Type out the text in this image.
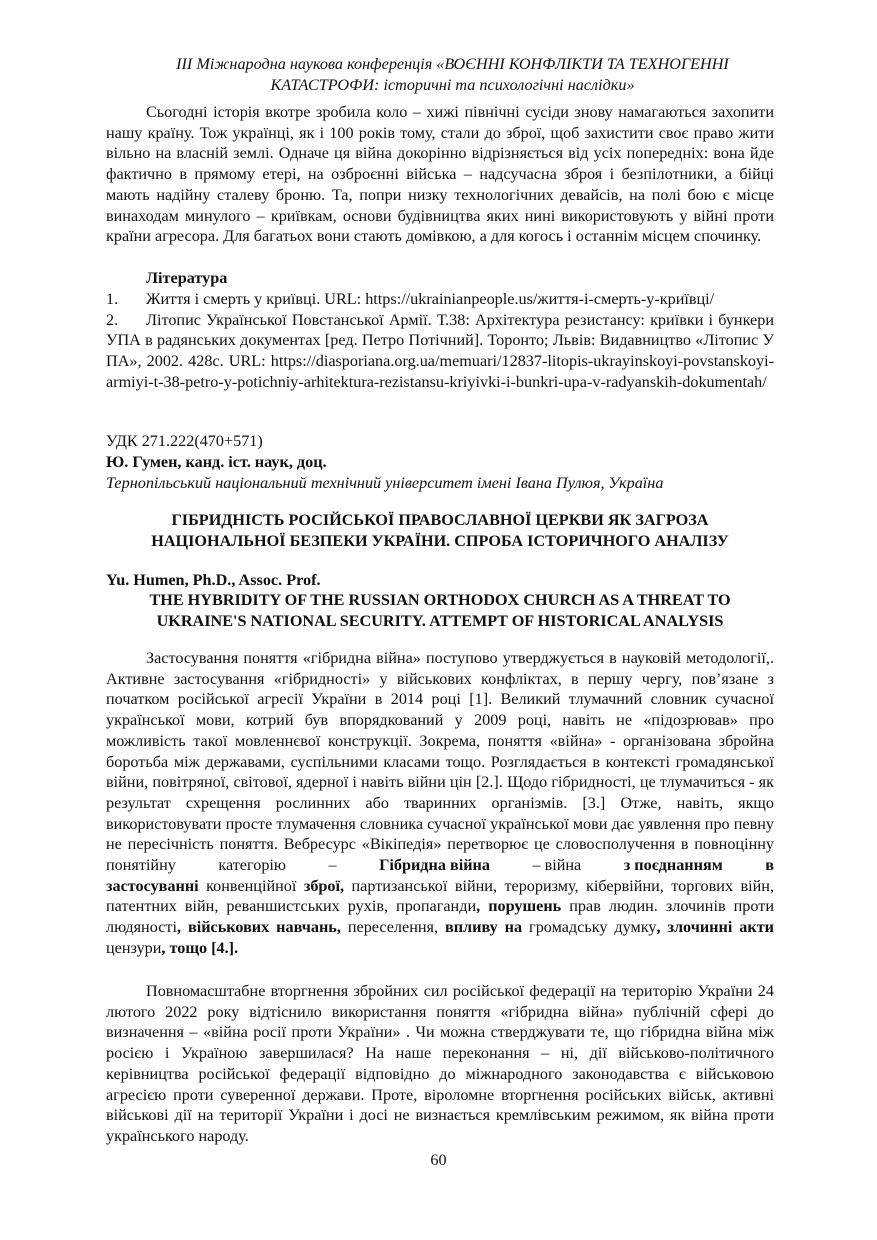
ІІІ Міжнародна наукова конференція «ВОЄННІ КОНФЛІКТИ ТА ТЕХНОГЕННІ
КАТАСТРОФИ: історичні та психологічні наслідки»
Сьогодні історія вкотре зробила коло – хижі північні сусіди знову намагаються захопити нашу країну. Тож українці, як і 100 років тому, стали до зброї, щоб захистити своє право жити вільно на власній землі. Одначе ця війна докорінно відрізняється від усіх попередніх: вона йде фактично в прямому етері, на озброєнні війська – надсучасна зброя і безпілотники, а бійці мають надійну сталеву броню. Та, попри низку технологічних девайсів, на полі бою є місце винаходам минулого – криївкам, основи будівництва яких нині використовують у війні проти країни агресора. Для багатьох вони стають домівкою, а для когось і останнім місцем спочинку.
Література
1. Життя і смерть у криївці. URL: https://ukrainianpeople.us/життя-і-смерть-у-криївці/
2. Літопис Української Повстанської Армії. Т.38: Архітектура резистансу: криївки і бункери УПА в радянських документах [ред. Петро Потічний]. Торонто; Львів: Видавництво «Літопис УПА», 2002. 428с. URL: https://diasporiana.org.ua/memuari/12837-litopis-ukrayinskoyi-povstanskoyi-armiyi-t-38-petro-y-potichniy-arhitektura-rezistansu-kriyivki-i-bunkri-upa-v-radyanskih-dokumentah/
УДК 271.222(470+571)
Ю. Гумен, канд. іст. наук, доц.
Тернопільський національний технічний університет імені Івана Пулюя, Україна
ГІБРИДНІСТЬ РОСІЙСЬКОЇ ПРАВОСЛАВНОЇ ЦЕРКВИ ЯК ЗАГРОЗА
НАЦІОНАЛЬНОЇ БЕЗПЕКИ УКРАЇНИ. СПРОБА ІСТОРИЧНОГО АНАЛІЗУ
Yu. Humen, Ph.D., Assoc. Prof.
THE HYBRIDITY OF THE RUSSIAN ORTHODOX CHURCH AS A THREAT TO
UKRAINE'S NATIONAL SECURITY. ATTEMPT OF HISTORICAL ANALYSIS
Застосування поняття «гібридна війна» поступово утверджується в науковій методології,. Активне застосування «гібридності» у військових конфліктах, в першу чергу, пов’язане з початком російської агресії України в 2014 році [1]. Великий тлумачний словник сучасної української мови, котрий був впорядкований у 2009 році, навіть не «підозрював» про можливість такої мовленнєвої конструкції. Зокрема, поняття «війна» - організована збройна боротьба між державами, суспільними класами тощо. Розглядається в контексті громадянської війни, повітряної, світової, ядерної і навіть війни цін [2.]. Щодо гібридності, це тлумачиться - як результат схрещення рослинних або тваринних організмів. [3.] Отже, навіть, якщо використовувати просте тлумачення словника сучасної української мови дає уявлення про певну не пересічність поняття. Вебресурс «Вікіпедія» перетворює це словосполучення в повноцінну
понятійну	категорію	–	Гібридна війна	– війна	з поєднанням	в
застосуванні конвенційної зброї, партизанської війни, тероризму, кібервійни, торгових війн, патентних війн, реваншистських рухів, пропаганди, порушень прав людин. злочинів проти людяності, військових навчань, переселення, впливу на громадську думку, злочинні акти цензури, тощо [4.].
Повномасштабне вторгнення збройних сил російської федерації на територію України 24 лютого 2022 року відтіснило використання поняття «гібридна війна» публічній сфері до визначення – «війна росії проти України» . Чи можна стверджувати те, що гібридна війна між росією і Україною завершилася? На наше переконання – ні, дії військово-політичного керівництва російської федерації відповідно до міжнародного законодавства є військовою агресією проти суверенної держави. Проте, віроломне вторгнення російських військ, активні військові дії на території України і досі не визнається кремлівським режимом, як війна проти українського народу.
60
